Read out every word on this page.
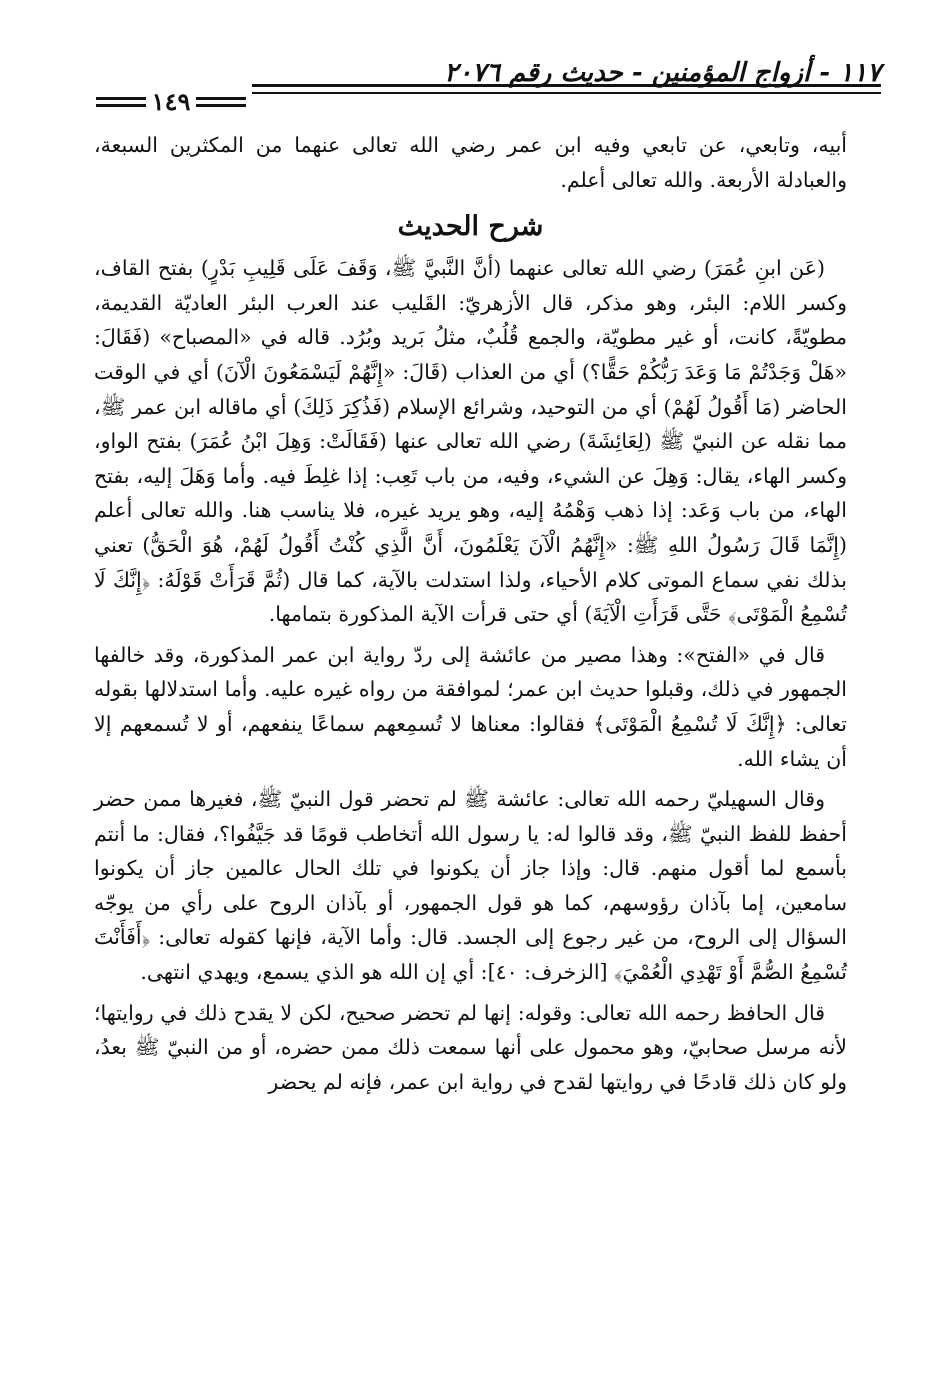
١١٧ - أزواج المؤمنين - حديث رقم ٢٠٧٦
١٤٩

أبيه، وتابعي، عن تابعي وفيه ابن عمر رضي الله تعالى عنهما من المكثرين السبعة، والعبادلة الأربعة. والله تعالى أعلم.

شرح الحديث

(عَن ابنِ عُمَرَ) رضي الله تعالى عنهما (أنَّ النَّبيَّ ﷺ، وَقَفَ عَلَى قَلِيبِ بَدْرٍ) بفتح القاف، وكسر اللام: البئر، وهو مذكر، قال الأزهريّ: القَليب عند العرب البئر العاديّة القديمة، مطويّةً، كانت، أو غير مطويّة، والجمع قُلُبٌ، مثلُ بَريد وبُرُد. قاله في «المصباح» (فَقَالَ: «هَلْ وَجَدْتُمْ مَا وَعَدَ رَبُّكُمْ حَقًّا؟) أي من العذاب (قَالَ: «إِنَّهُمْ لَيَسْمَعُونَ الْآنَ) أي في الوقت الحاضر (مَا أَقُولُ لَهُمْ) أي من التوحيد، وشرائع الإسلام (فَذُكِرَ ذَلِكَ) أي ماقاله ابن عمر ﷺ، مما نقله عن النبيّ ﷺ (لِعَائِشَةَ) رضي الله تعالى عنها (فَقَالَتْ: وَهِلَ ابْنُ عُمَرَ) بفتح الواو، وكسر الهاء، يقال: وَهِلَ عن الشيء، وفيه، من باب تَعِب: إذا غلِطَ فيه. وأما وَهَلَ إليه، بفتح الهاء، من باب وَعَد: إذا ذهب وَهْمُهُ إليه، وهو يريد غيره، فلا يناسب هنا. والله تعالى أعلم (إِنَّمَا قَالَ رَسُولُ اللهِ ﷺ: «إِنَّهُمُ الْآنَ يَعْلَمُونَ، أَنَّ الَّذِي كُنْتُ أَقُولُ لَهُمْ، هُوَ الْحَقُّ) تعني بذلك نفي سماع الموتى كلام الأحياء، ولذا استدلت بالآية، كما قال (ثُمَّ قَرَأَتْ قَوْلَهُ: ﴿إِنَّكَ لَا تُسْمِعُ الْمَوْتَى﴾ حَتَّى قَرَأَتِ الْآيَةَ) أي حتى قرأت الآية المذكورة بتمامها.

قال في «الفتح»: وهذا مصير من عائشة إلى ردّ رواية ابن عمر المذكورة، وقد خالفها الجمهور في ذلك، وقبلوا حديث ابن عمر؛ لموافقة من رواه غيره عليه. وأما استدلالها بقوله تعالى: ﴿إِنَّكَ لَا تُسْمِعُ الْمَوْتَى﴾ فقالوا: معناها لا تُسمِعهم سماعًا ينفعهم، أو لا تُسمعهم إلا أن يشاء الله.

وقال السهيليّ رحمه الله تعالى: عائشة ﷺ لم تحضر قول النبيّ ﷺ، فغيرها ممن حضر أحفظ للفظ النبيّ ﷺ، وقد قالوا له: يا رسول الله أتخاطب قومًا قد جَيَّفُوا؟، فقال: ما أنتم بأسمع لما أقول منهم. قال: وإذا جاز أن يكونوا في تلك الحال عالمين جاز أن يكونوا سامعين، إما بآذان رؤوسهم، كما هو قول الجمهور، أو بآذان الروح على رأي من يوجّه السؤال إلى الروح، من غير رجوع إلى الجسد. قال: وأما الآية، فإنها كقوله تعالى: ﴿أَفَأَنْتَ تُسْمِعُ الصُّمَّ أَوْ تَهْدِي الْعُمْيَ﴾ [الزخرف: ٤٠]: أي إن الله هو الذي يسمع، ويهدي انتهى.

قال الحافظ رحمه الله تعالى: وقوله: إنها لم تحضر صحيح، لكن لا يقدح ذلك في روايتها؛ لأنه مرسل صحابيّ، وهو محمول على أنها سمعت ذلك ممن حضره، أو من النبيّ ﷺ بعدُ، ولو كان ذلك قادحًا في روايتها لقدح في رواية ابن عمر، فإنه لم يحضر
